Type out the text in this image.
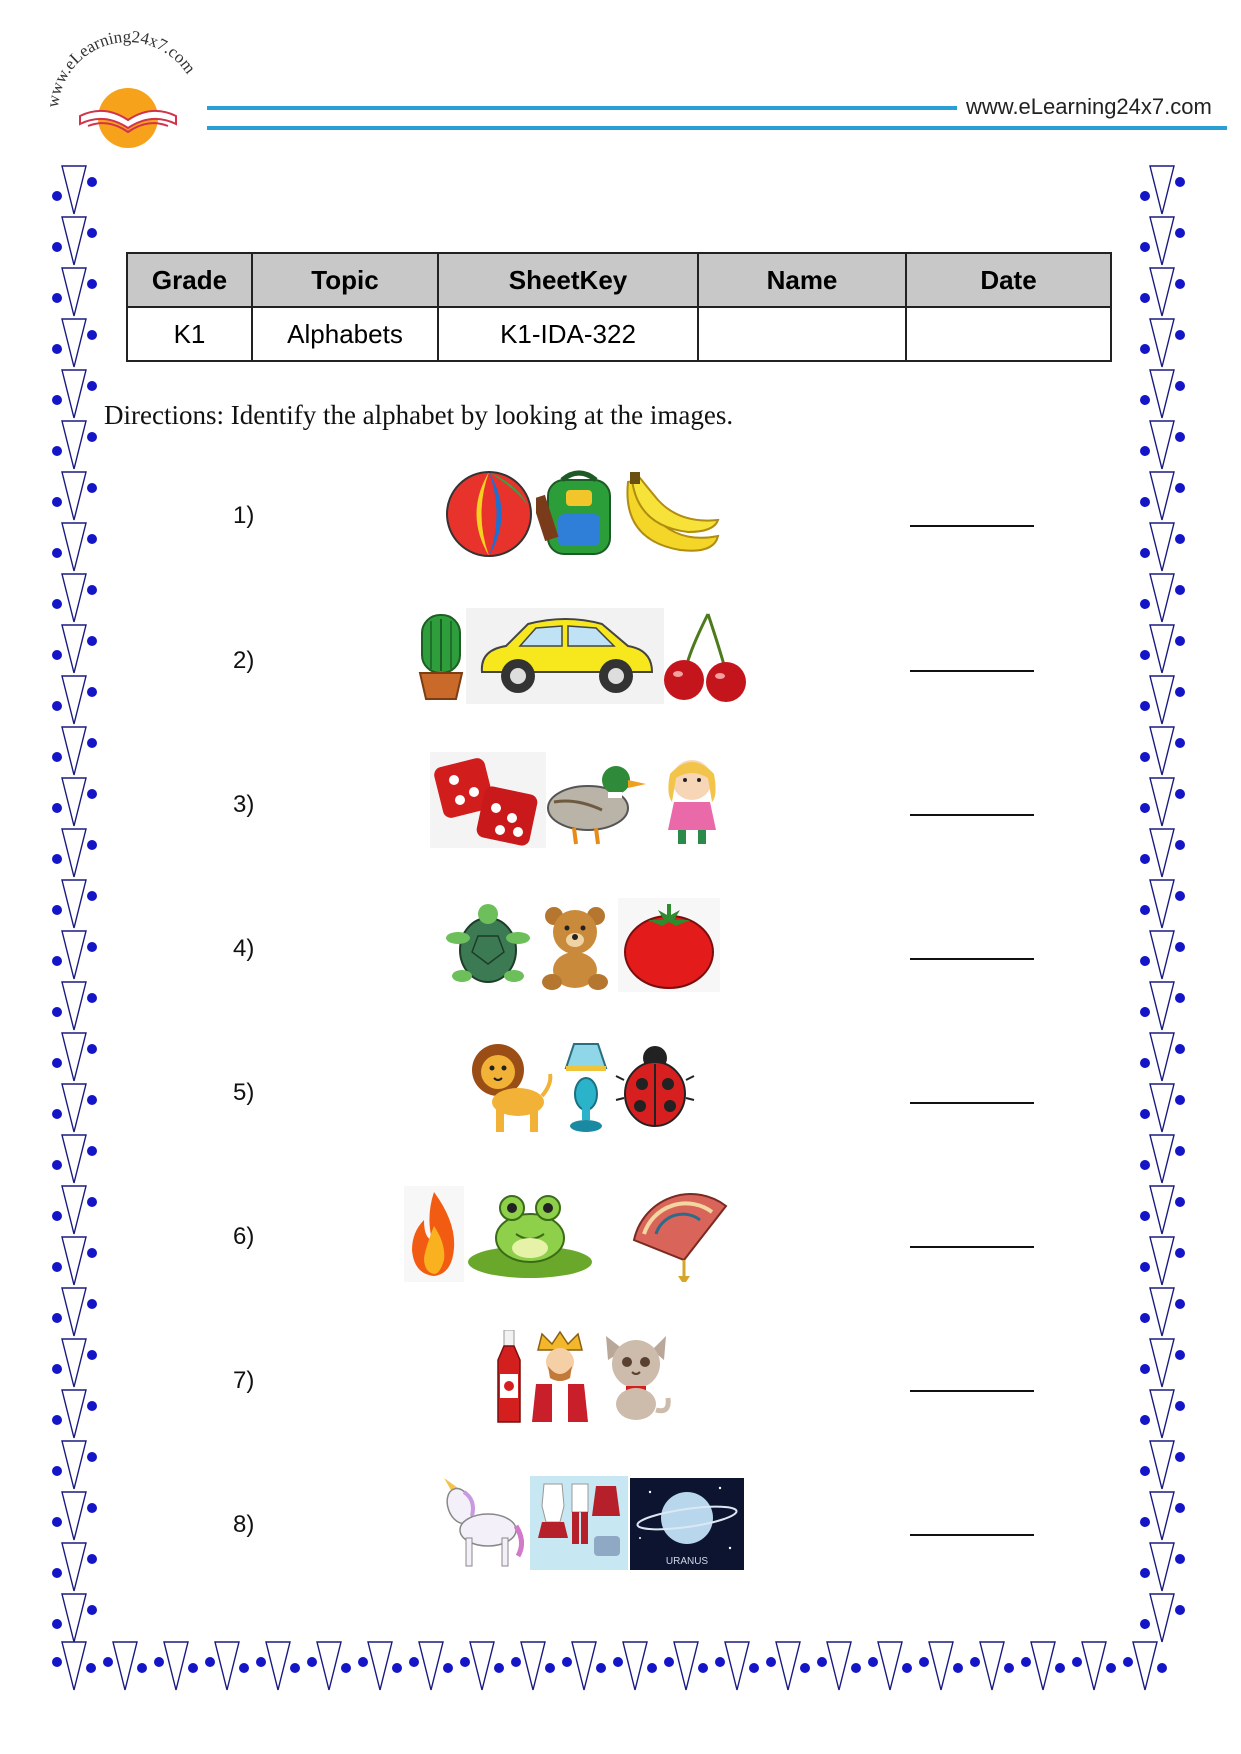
www.eLearning24x7.com
www.eLearning24x7.com
Grade	Topic	SheetKey	Name	Date
K1	Alphabets	K1-IDA-322		
Directions: Identify the alphabet by looking at the images.
1)
2)
3)
4)
5)
6)
7)
8)
URANUS
